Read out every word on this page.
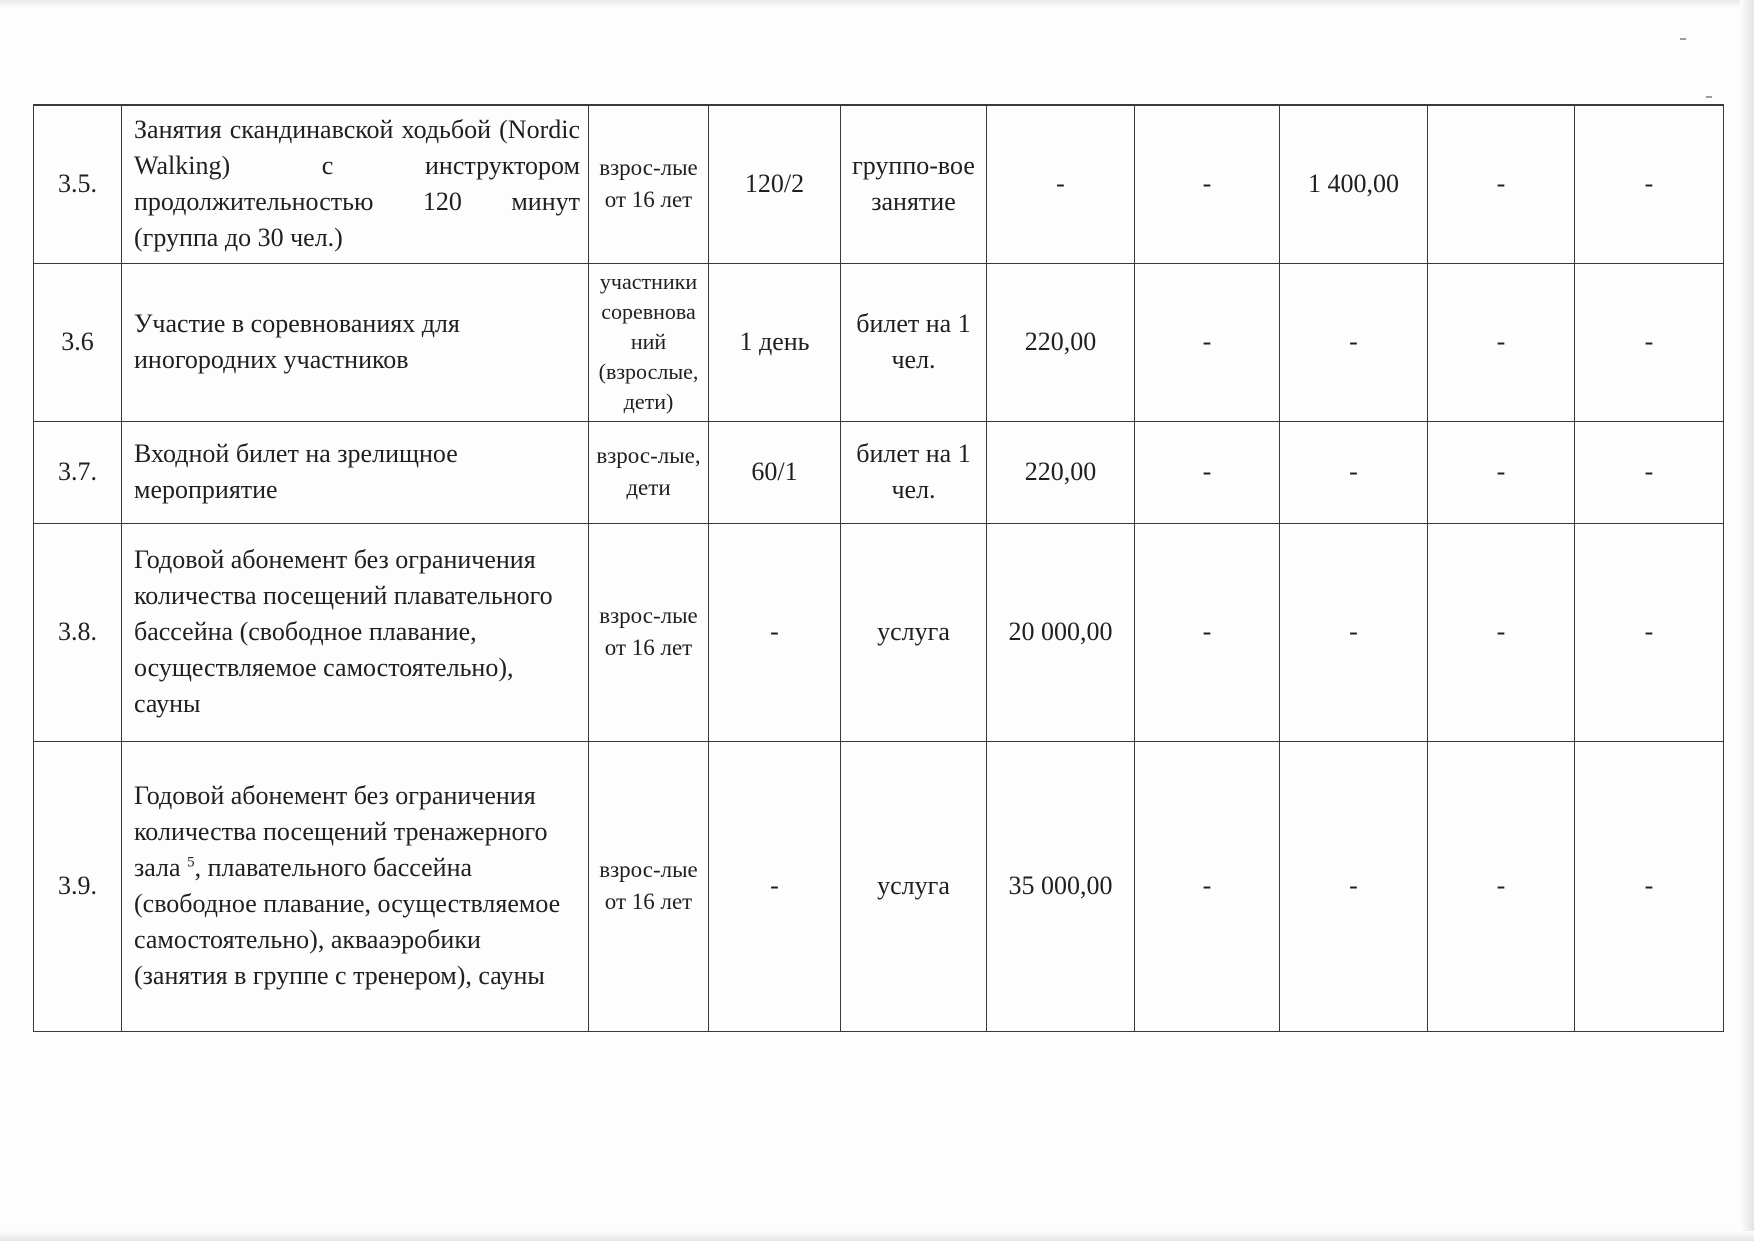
3.5.	Занятия скандинавской ходьбой (Nordic Walking) с инструктором продолжительностью 120 минут (группа до 30 чел.)	взрос-лые от 16 лет	120/2	группо-вое занятие	-	-	1 400,00	-	-
3.6	Участие в соревнованиях для иногородних участников	участники соревнова ний (взрослые, дети)	1 день	билет на 1 чел.	220,00	-	-	-	-
3.7.	Входной билет на зрелищное мероприятие	взрос-лые, дети	60/1	билет на 1 чел.	220,00	-	-	-	-
3.8.	Годовой абонемент без ограничения количества посещений плавательного бассейна (свободное плавание, осуществляемое самостоятельно), сауны	взрос-лые от 16 лет	-	услуга	20 000,00	-	-	-	-
3.9.	Годовой абонемент без ограничения количества посещений тренажерного зала $^5$, плавательного бассейна (свободное плавание, осуществляемое самостоятельно), аквааэробики (занятия в группе с тренером), сауны	взрос-лые от 16 лет	-	услуга	35 000,00	-	-	-	-
